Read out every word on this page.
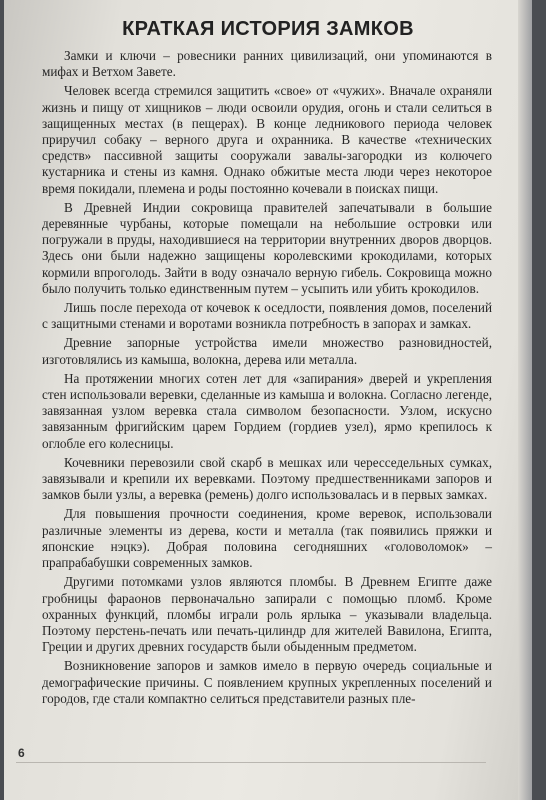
КРАТКАЯ ИСТОРИЯ ЗАМКОВ

Замки и ключи – ровесники ранних цивилизаций, они упоминаются в мифах и Ветхом Завете.

Человек всегда стремился защитить «свое» от «чужих». Вначале охраняли жизнь и пищу от хищников – люди освоили орудия, огонь и стали селиться в защищенных местах (в пещерах). В конце ледникового периода человек приручил собаку – верного друга и охранника. В качестве «технических средств» пассивной защиты сооружали завалы-загородки из колючего кустарника и стены из камня. Однако обжитые места люди через некоторое время покидали, племена и роды постоянно кочевали в поисках пищи.

В Древней Индии сокровища правителей запечатывали в большие деревянные чурбаны, которые помещали на небольшие островки или погружали в пруды, находившиеся на территории внутренних дворов дворцов. Здесь они были надежно защищены королевскими крокодилами, которых кормили впроголодь. Зайти в воду означало верную гибель. Сокровища можно было получить только единственным путем – усыпить или убить крокодилов.

Лишь после перехода от кочевок к оседлости, появления домов, поселений с защитными стенами и воротами возникла потребность в запорах и замках.

Древние запорные устройства имели множество разновидностей, изготовлялись из камыша, волокна, дерева или металла.

На протяжении многих сотен лет для «запирания» дверей и укрепления стен использовали веревки, сделанные из камыша и волокна. Согласно легенде, завязанная узлом веревка стала символом безопасности. Узлом, искусно завязанным фригийским царем Гордием (гордиев узел), ярмо крепилось к оглобле его колесницы.

Кочевники перевозили свой скарб в мешках или чересседельных сумках, завязывали и крепили их веревками. Поэтому предшественниками запоров и замков были узлы, а веревка (ремень) долго использовалась и в первых замках.

Для повышения прочности соединения, кроме веревок, использовали различные элементы из дерева, кости и металла (так появились пряжки и японские нэцкэ). Добрая половина сегодняшних «головоломок» – прапрабабушки современных замков.

Другими потомками узлов являются пломбы. В Древнем Египте даже гробницы фараонов первоначально запирали с помощью пломб. Кроме охранных функций, пломбы играли роль ярлыка – указывали владельца. Поэтому перстень-печать или печать-цилиндр для жителей Вавилона, Египта, Греции и других древних государств были обыденным предметом.

Возникновение запоров и замков имело в первую очередь социальные и демографические причины. С появлением крупных укрепленных поселений и городов, где стали компактно селиться представители разных пле-

6
